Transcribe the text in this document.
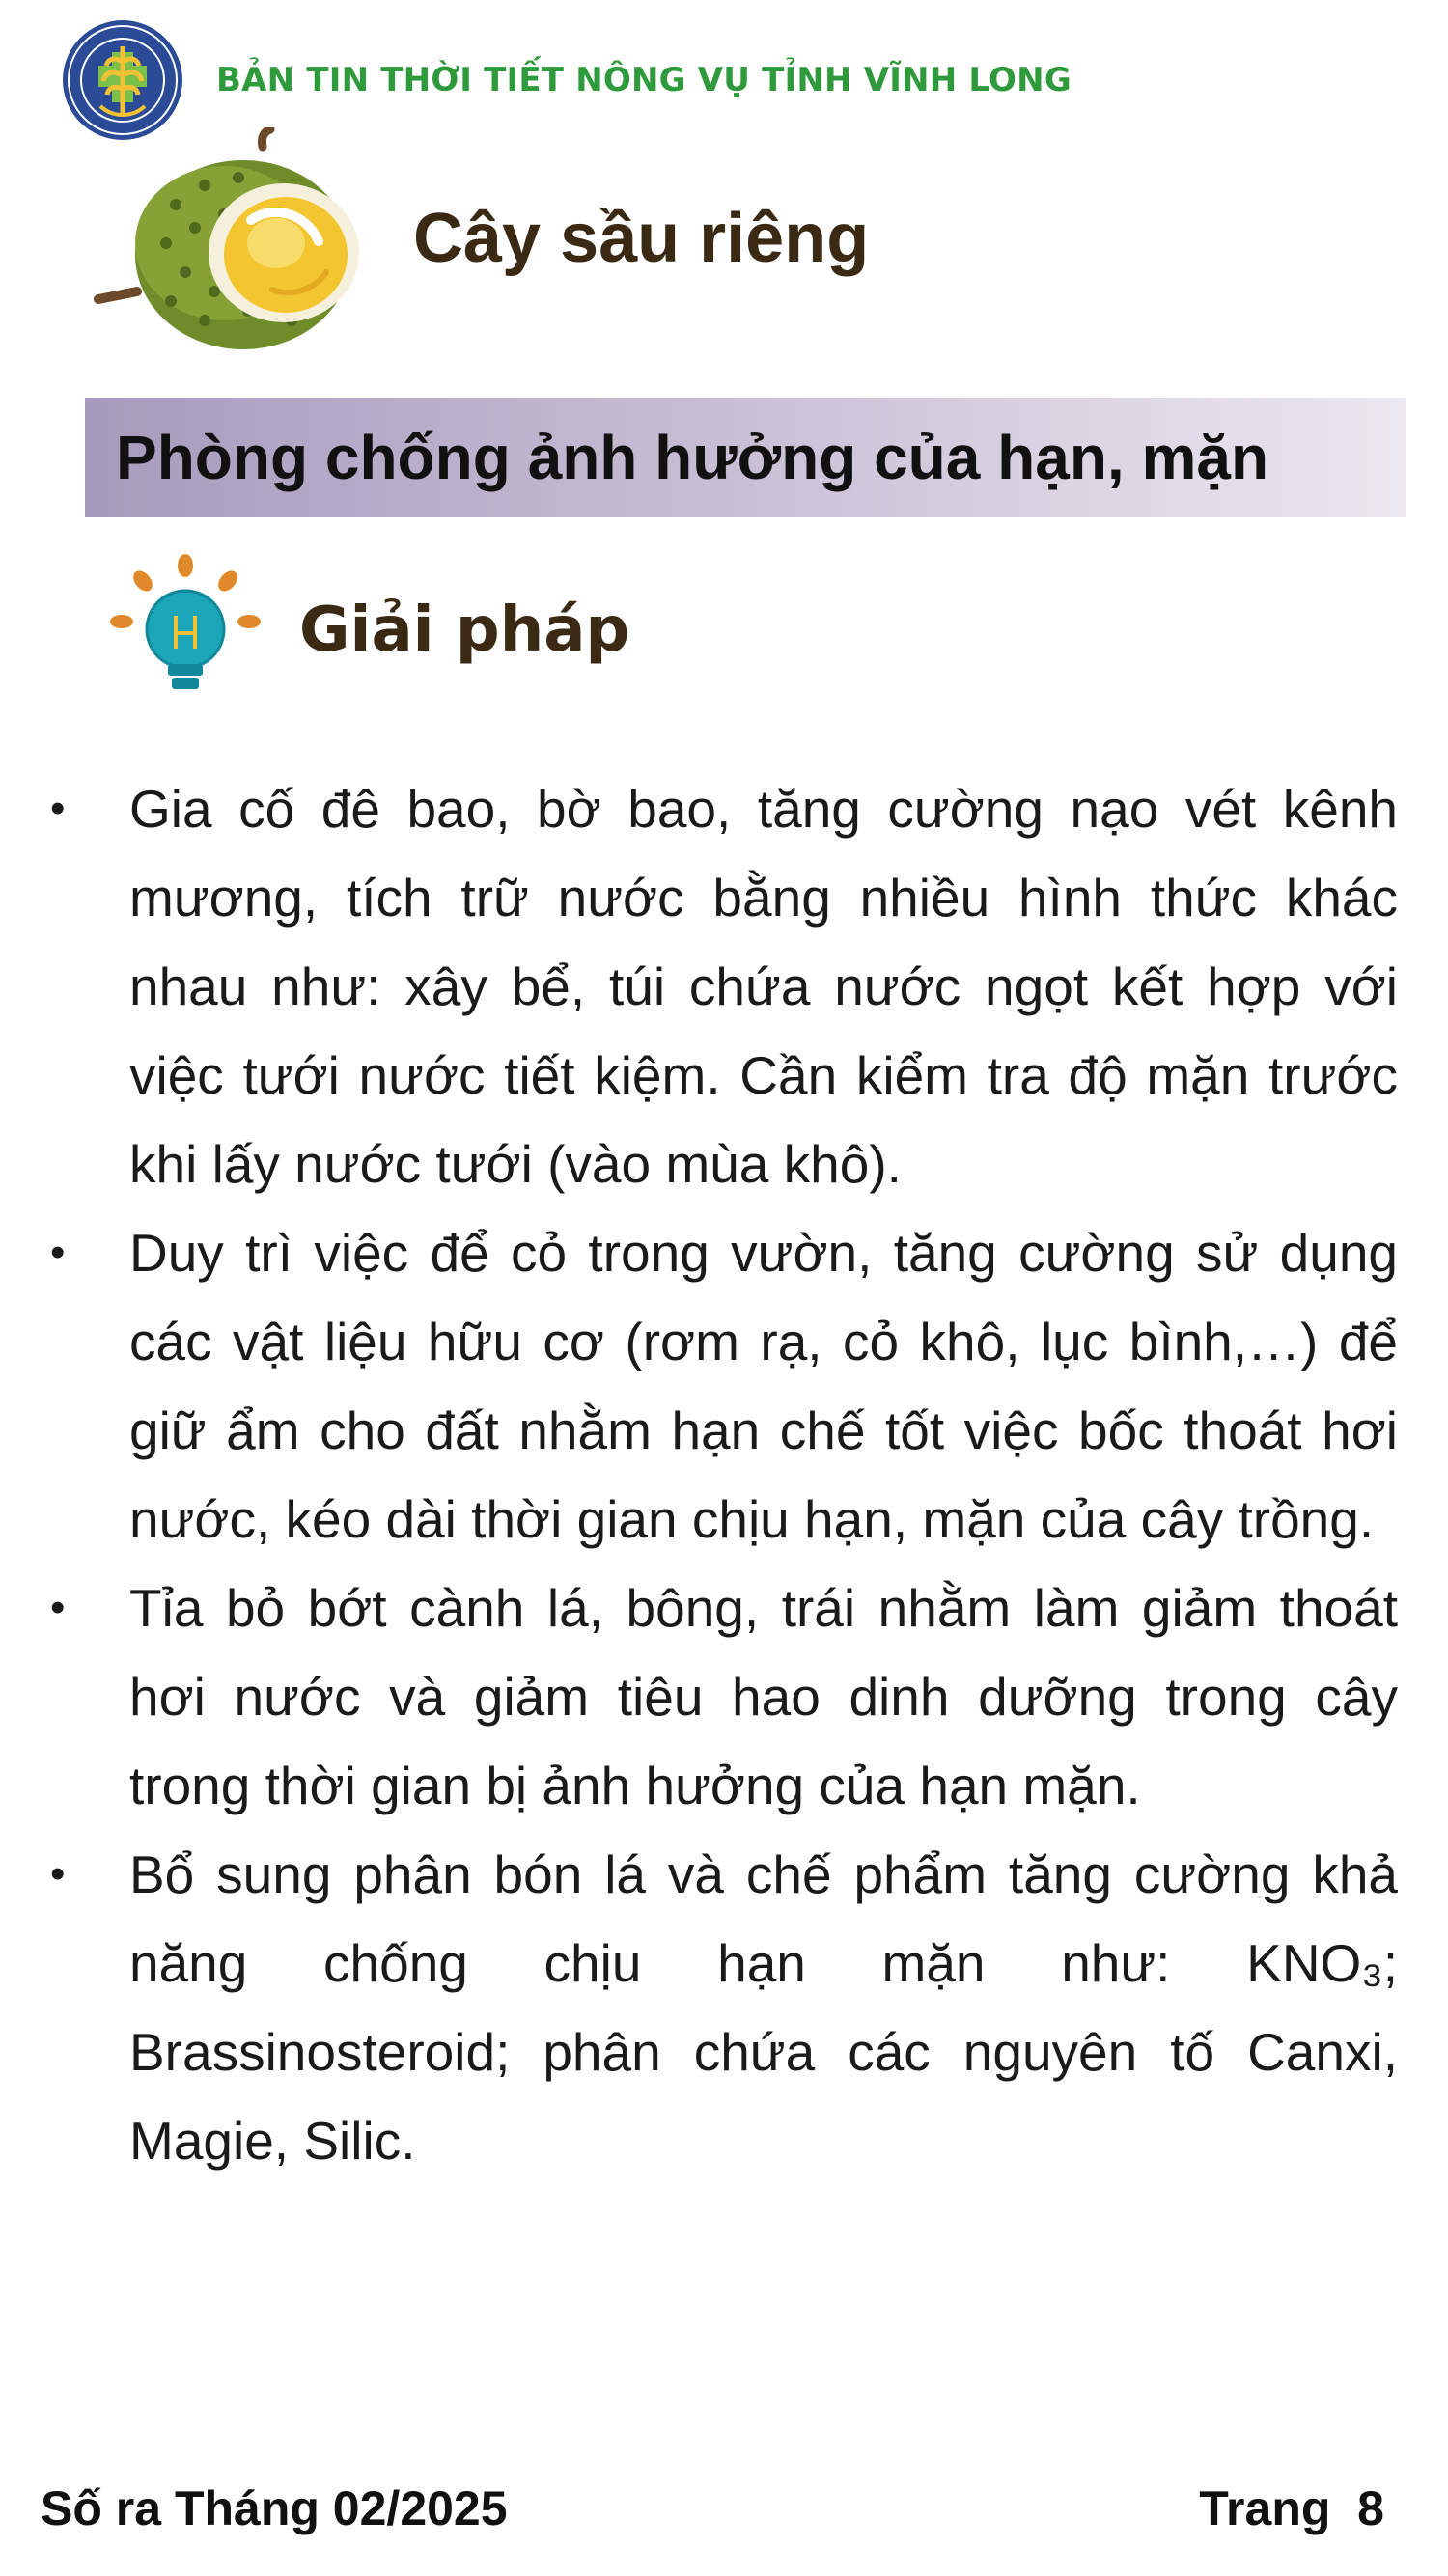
BẢN TIN THỜI TIẾT NÔNG VỤ TỈNH VĨNH LONG
Cây sầu riêng
Phòng chống ảnh hưởng của hạn, mặn
Giải pháp
• Gia cố đê bao, bờ bao, tăng cường nạo vét kênh mương, tích trữ nước bằng nhiều hình thức khác nhau như: xây bể, túi chứa nước ngọt kết hợp với việc tưới nước tiết kiệm. Cần kiểm tra độ mặn trước khi lấy nước tưới (vào mùa khô).
• Duy trì việc để cỏ trong vườn, tăng cường sử dụng các vật liệu hữu cơ (rơm rạ, cỏ khô, lục bình,…) để giữ ẩm cho đất nhằm hạn chế tốt việc bốc thoát hơi nước, kéo dài thời gian chịu hạn, mặn của cây trồng.
• Tỉa bỏ bớt cành lá, bông, trái nhằm làm giảm thoát hơi nước và giảm tiêu hao dinh dưỡng trong cây trong thời gian bị ảnh hưởng của hạn mặn.
• Bổ sung phân bón lá và chế phẩm tăng cường khả năng chống chịu hạn mặn như: KNO₃; Brassinosteroid; phân chứa các nguyên tố Canxi, Magie, Silic.
Số ra Tháng 02/2025	Trang  8
